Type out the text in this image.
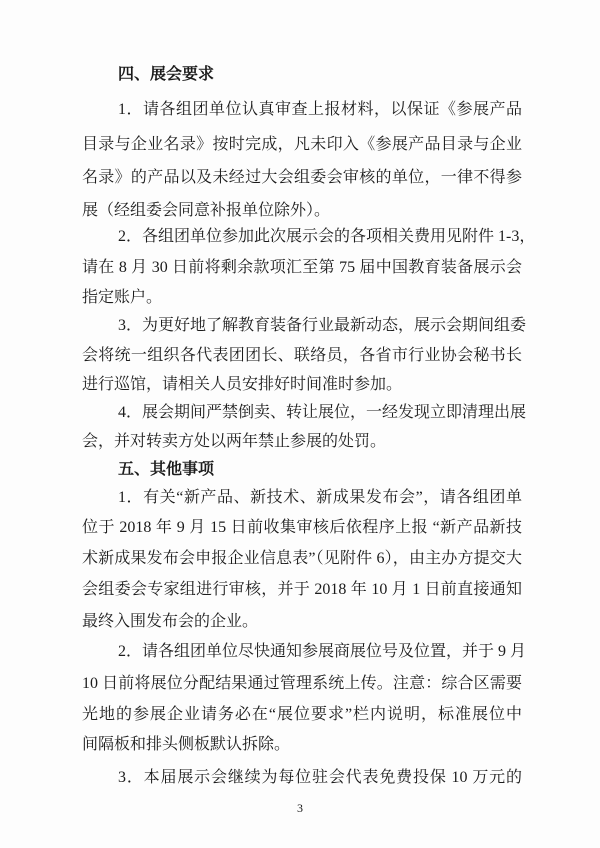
四、展会要求
1．请各组团单位认真审查上报材料，以保证《参展产品
目录与企业名录》按时完成，凡未印入《参展产品目录与企业
名录》的产品以及未经过大会组委会审核的单位，一律不得参
展（经组委会同意补报单位除外）。
2．各组团单位参加此次展示会的各项相关费用见附件 1-3，
请在 8 月 30 日前将剩余款项汇至第 75 届中国教育装备展示会
指定账户。
3．为更好地了解教育装备行业最新动态，展示会期间组委
会将统一组织各代表团团长、联络员，各省市行业协会秘书长
进行巡馆，请相关人员安排好时间准时参加。
4．展会期间严禁倒卖、转让展位，一经发现立即清理出展
会，并对转卖方处以两年禁止参展的处罚。
五、其他事项
1．有关“新产品、新技术、新成果发布会”，请各组团单
位于 2018 年 9 月 15 日前收集审核后依程序上报 “新产品新技
术新成果发布会申报企业信息表”（见附件 6），由主办方提交大
会组委会专家组进行审核，并于 2018 年 10 月 1 日前直接通知
最终入围发布会的企业。
2．请各组团单位尽快通知参展商展位号及位置，并于 9 月
10 日前将展位分配结果通过管理系统上传。注意：综合区需要
光地的参展企业请务必在“展位要求”栏内说明，标准展位中
间隔板和排头侧板默认拆除。
3．本届展示会继续为每位驻会代表免费投保 10 万元的
3
